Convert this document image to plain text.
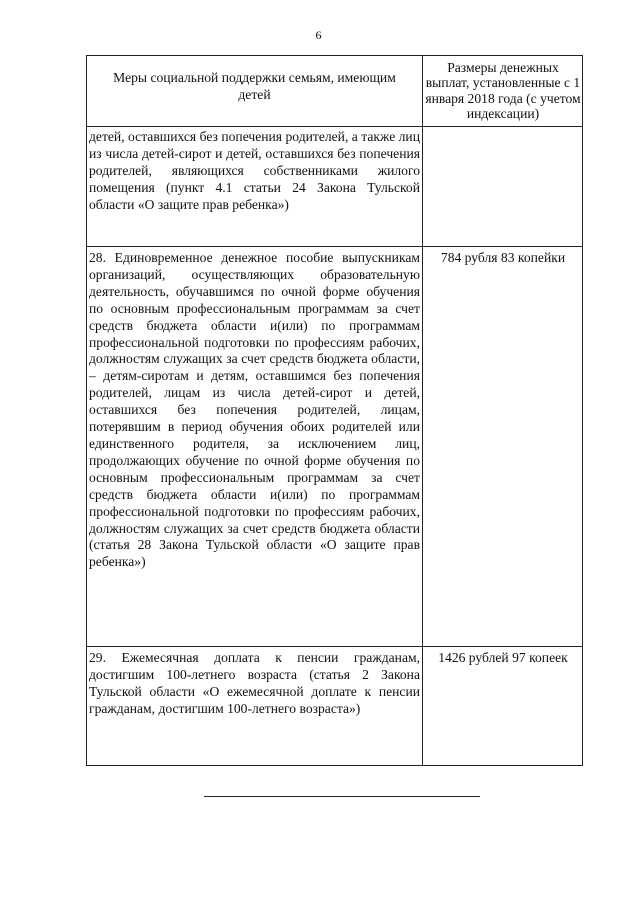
6
Меры социальной поддержки семьям, имеющим детей
Размеры денежных выплат, установленные с 1 января 2018 года (с учетом индексации)
детей, оставшихся без попечения родителей, а также лиц из числа детей-сирот и детей, оставшихся без попечения родителей, являющихся собственниками жилого помещения (пункт 4.1 статьи 24 Закона Тульской области «О защите прав ребенка»)
28. Единовременное денежное пособие выпускникам организаций, осуществляющих образовательную деятельность, обучавшимся по очной форме обучения по основным профессиональным программам за счет средств бюджета области и(или) по программам профессиональной подготовки по профессиям рабочих, должностям служащих за счет средств бюджета области, – детям-сиротам и детям, оставшимся без попечения родителей, лицам из числа детей-сирот и детей, оставшихся без попечения родителей, лицам, потерявшим в период обучения обоих родителей или единственного родителя, за исключением лиц, продолжающих обучение по очной форме обучения по основным профессиональным программам за счет средств бюджета области и(или) по программам профессиональной подготовки по профессиям рабочих, должностям служащих за счет средств бюджета области (статья 28 Закона Тульской области «О защите прав ребенка»)
784 рубля 83 копейки
29. Ежемесячная доплата к пенсии гражданам, достигшим 100-летнего возраста (статья 2 Закона Тульской области «О ежемесячной доплате к пенсии гражданам, достигшим 100-летнего возраста»)
1426 рублей 97 копеек
